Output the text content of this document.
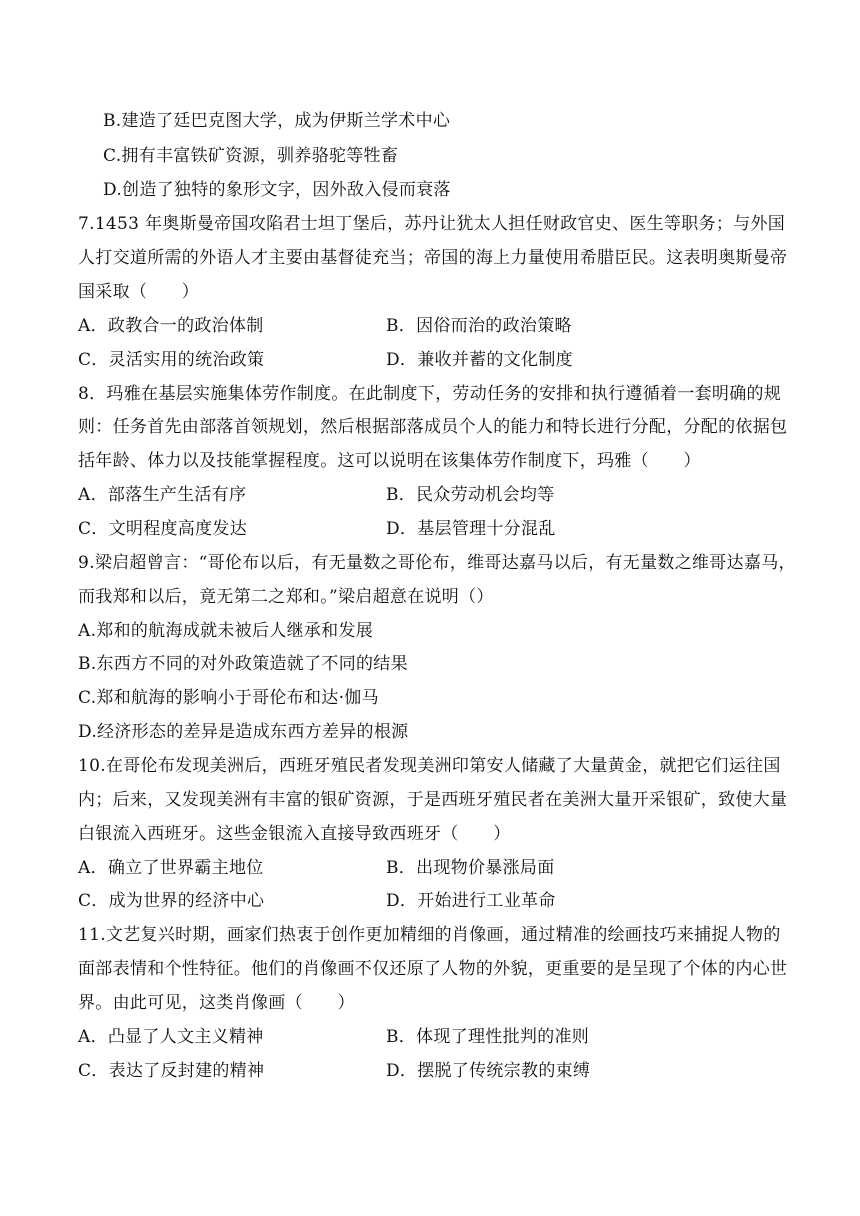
B.建造了廷巴克图大学，成为伊斯兰学术中心
C.拥有丰富铁矿资源，驯养骆驼等牲畜
D.创造了独特的象形文字，因外敌入侵而衰落
7.1453 年奥斯曼帝国攻陷君士坦丁堡后，苏丹让犹太人担任财政官史、医生等职务；与外国
人打交道所需的外语人才主要由基督徒充当；帝国的海上力量使用希腊臣民。这表明奥斯曼帝
国采取（　　）
A．政教合一的政治体制	B．因俗而治的政治策略
C．灵活实用的统治政策	D．兼收并蓄的文化制度
8．玛雅在基层实施集体劳作制度。在此制度下，劳动任务的安排和执行遵循着一套明确的规
则：任务首先由部落首领规划，然后根据部落成员个人的能力和特长进行分配，分配的依据包
括年龄、体力以及技能掌握程度。这可以说明在该集体劳作制度下，玛雅（　　）
A．部落生产生活有序	B．民众劳动机会均等
C．文明程度高度发达	D．基层管理十分混乱
9.梁启超曾言：“哥伦布以后，有无量数之哥伦布，维哥达嘉马以后，有无量数之维哥达嘉马，
而我郑和以后，竟无第二之郑和。”梁启超意在说明（）
A.郑和的航海成就未被后人继承和发展
B.东西方不同的对外政策造就了不同的结果
C.郑和航海的影响小于哥伦布和达·伽马
D.经济形态的差异是造成东西方差异的根源
10.在哥伦布发现美洲后，西班牙殖民者发现美洲印第安人储藏了大量黄金，就把它们运往国
内；后来，又发现美洲有丰富的银矿资源，于是西班牙殖民者在美洲大量开采银矿，致使大量
白银流入西班牙。这些金银流入直接导致西班牙（　　）
A．确立了世界霸主地位	B．出现物价暴涨局面
C．成为世界的经济中心	D．开始进行工业革命
11.文艺复兴时期，画家们热衷于创作更加精细的肖像画，通过精准的绘画技巧来捕捉人物的
面部表情和个性特征。他们的肖像画不仅还原了人物的外貌，更重要的是呈现了个体的内心世
界。由此可见，这类肖像画（　　）
A．凸显了人文主义精神	B．体现了理性批判的准则
C．表达了反封建的精神	D．摆脱了传统宗教的束缚
